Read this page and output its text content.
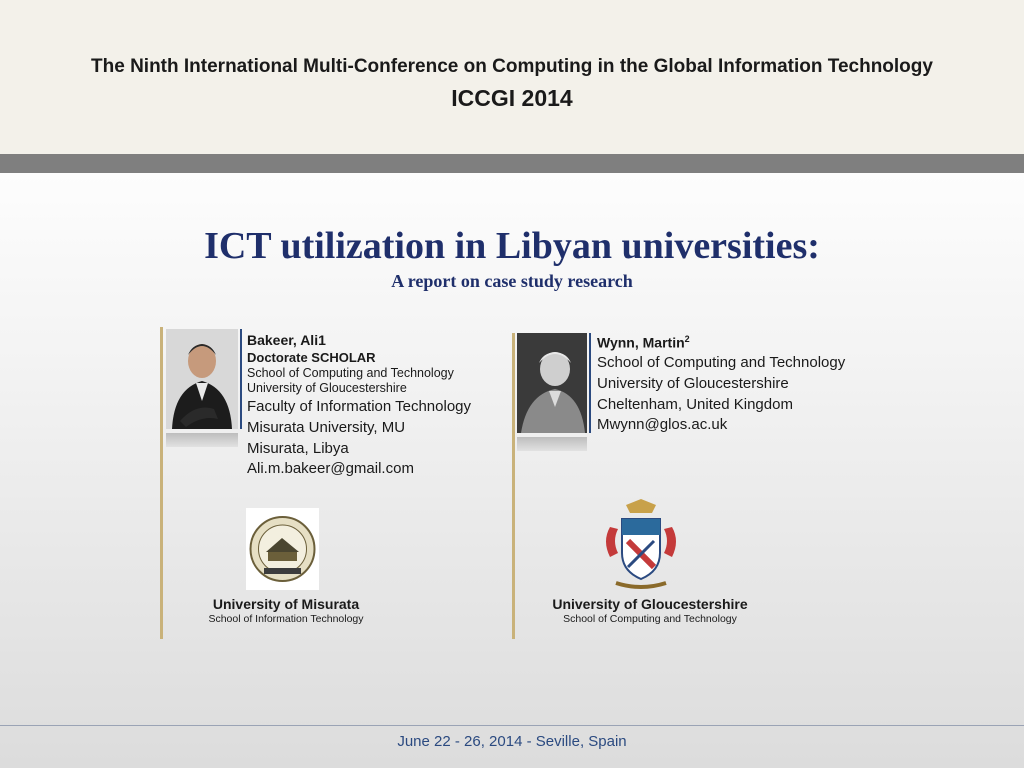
The Ninth International Multi-Conference on Computing in the Global Information Technology
ICCGI 2014
ICT utilization in Libyan universities:
A report on case study research
Bakeer, Ali1
Doctorate SCHOLAR
School of Computing and Technology
University of Gloucestershire
Faculty of Information Technology
Misurata University, MU
Misurata, Libya
Ali.m.bakeer@gmail.com
University of Misurata
School of Information Technology
Wynn, Martin$^2$
School of Computing and Technology
University of Gloucestershire
Cheltenham, United Kingdom
Mwynn@glos.ac.uk
University of Gloucestershire
School of Computing and Technology
June 22 - 26, 2014 - Seville, Spain
